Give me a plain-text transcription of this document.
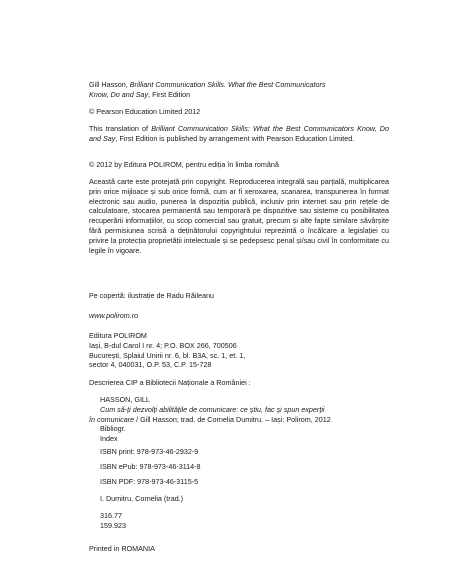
Gill Hasson, Brilliant Communication Skills. What the Best Communicators

Know, Do and Say, First Edition

© Pearson Education Limited 2012

This translation of Brilliant Communication Skills: What the Best Communicators Know, Do and Say, First Edition is published by arrangement with Pearson Education Limited.

© 2012 by Editura POLIROM, pentru ediția în limba română

Această carte este protejată prin copyright. Reproducerea integrală sau parțială, multiplicarea prin orice mijloace și sub orice formă, cum ar fi xeroxarea, scanarea, transpunerea în format electronic sau audio, punerea la dispoziția publică, inclusiv prin internet sau prin rețele de calculatoare, stocarea permanentă sau temporară pe dispozitive sau sisteme cu posibilitatea recuperării informațiilor, cu scop comercial sau gratuit, precum și alte fapte similare săvârșite fără permisiunea scrisă a deținătorului copyrightului reprezintă o încălcare a legislației cu privire la protecția proprietății intelectuale și se pedepsesc penal și/sau civil în conformitate cu legile în vigoare.

Pe copertă: ilustrație de Radu Răileanu

www.polirom.ro

Editura POLIROM

Iași, B-dul Carol I nr. 4; P.O. BOX 266, 700506

București, Splaiul Unirii nr. 6, bl. B3A, sc. 1, et. 1,

sector 4, 040031, O.P. 53, C.P. 15-728

Descrierea CIP a Bibliotecii Naționale a României :

HASSON, GILL

Cum să-ți dezvolți abilitățile de comunicare: ce știu, fac și spun experții

în comunicare / Gill Hasson; trad. de Cornelia Dumitru. – Iași: Polirom, 2012

Bibliogr.

Index

ISBN print: 978-973-46-2932-9

ISBN ePub: 978-973-46-3114-8

ISBN PDF: 978-973-46-3115-5

I. Dumitru, Cornelia (trad.)

316.77

159.923

Printed in ROMANIA
